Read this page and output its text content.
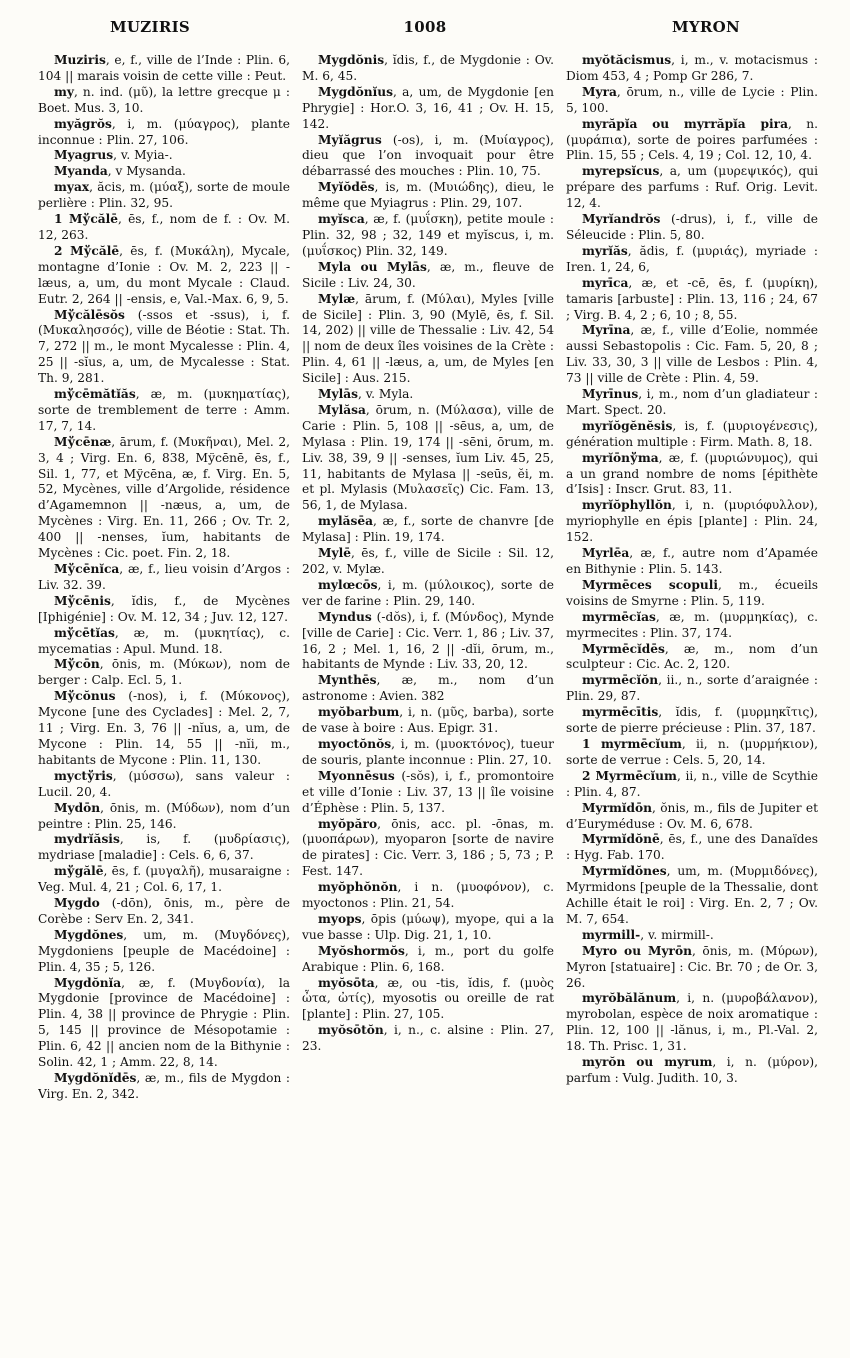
MUZIRIS	1008	MYRON

Muziris, e, f., ville de l’Inde : Plin. 6, 104 || marais voisin de cette ville : Peut.

my, n. ind. (μῦ), la lettre grecque μ : Boet. Mus. 3, 10.

myăgrŏs, i, m. (μύαγρος), plante inconnue : Plin. 27, 106.

Myagrus, v. Myia-.

Myanda, v Mysanda.

myax, ăcis, m. (μύαξ), sorte de moule perlière : Plin. 32, 95.

1 Mўcălē, ēs, f., nom de f. : Ov. M. 12, 263.

2 Mўcălē, ēs, f. (Μυκάλη), Mycale, montagne d’Ionie : Ov. M. 2, 223 || -læus, a, um, du mont Mycale : Claud. Eutr. 2, 264 || -ensis, e, Val.-Max. 6, 9, 5.

Mўcălēsŏs (-ssos et -ssus), i, f. (Μυκαλησσός), ville de Béotie : Stat. Th. 7, 272 || m., le mont Mycalesse : Plin. 4, 25 || -sĭus, a, um, de Mycalesse : Stat. Th. 9, 281.

mўcēmătĭăs, æ, m. (μυκηματίας), sorte de tremblement de terre : Amm. 17, 7, 14.

Mўcēnæ, ārum, f. (Μυκῆναι), Mel. 2, 3, 4 ; Virg. En. 6, 838, Mўcēnē, ēs, f., Sil. 1, 77, et Mўcēna, æ, f. Virg. En. 5, 52, Mycènes, ville d’Argolide, résidence d’Agamemnon || -næus, a, um, de Mycènes : Virg. En. 11, 266 ; Ov. Tr. 2, 400 || -nenses, ĭum, habitants de Mycènes : Cic. poet. Fin. 2, 18.

Mўcēnĭca, æ, f., lieu voisin d’Argos : Liv. 32. 39.

Mўcēnis, ĭdis, f., de Mycènes [Iphigénie] : Ov. M. 12, 34 ; Juv. 12, 127.

mўcētĭas, æ, m. (μυκητίας), c. mycematias : Apul. Mund. 18.

Mўcōn, ōnis, m. (Μύκων), nom de berger : Calp. Ecl. 5, 1.

Mўcŏnus (-nos), i, f. (Μύκονος), Mycone [une des Cyclades] : Mel. 2, 7, 11 ; Virg. En. 3, 76 || -nĭus, a, um, de Mycone : Plin. 14, 55 || -nĭi, m., habitants de Mycone : Plin. 11, 130.

myctўris, (μύσσω), sans valeur : Lucil. 20, 4.

Mydōn, ōnis, m. (Μύδων), nom d’un peintre : Plin. 25, 146.

mydrĭăsis, is, f. (μυδρίασις), mydriase [maladie] : Cels. 6, 6, 37.

mўgălē, ēs, f. (μυγαλῆ), musaraigne : Veg. Mul. 4, 21 ; Col. 6, 17, 1.

Mygdo (-dōn), ōnis, m., père de Corèbe : Serv En. 2, 341.

Mygdŏnes, um, m. (Μυγδόνες), Mygdoniens [peuple de Macédoine] : Plin. 4, 35 ; 5, 126.

Mygdŏnĭa, æ, f. (Μυγδονία), la Mygdonie [province de Macédoine] : Plin. 4, 38 || province de Phrygie : Plin. 5, 145 || province de Mésopotamie : Plin. 6, 42 || ancien nom de la Bithynie : Solin. 42, 1 ; Amm. 22, 8, 14.

Mygdŏnĭdēs, æ, m., fils de Mygdon : Virg. En. 2, 342.

Mygdŏnis, ĭdis, f., de Mygdonie : Ov. M. 6, 45.

Mygdŏnĭus, a, um, de Mygdonie [en Phrygie] : Hor.O. 3, 16, 41 ; Ov. H. 15, 142.

Myĭăgrus (-os), i, m. (Μυίαγρος), dieu que l’on invoquait pour être débarrassé des mouches : Plin. 10, 75.

Myĭŏdēs, is, m. (Μυιώδης), dieu, le même que Myiagrus : Plin. 29, 107.

myĭsca, æ, f. (μυΐσκη), petite moule : Plin. 32, 98 ; 32, 149 et myĭscus, i, m. (μυΐσκος) Plin. 32, 149.

Myla ou Mylās, æ, m., fleuve de Sicile : Liv. 24, 30.

Mylæ, ārum, f. (Μύλαι), Myles [ville de Sicile] : Plin. 3, 90 (Mylē, ēs, f. Sil. 14, 202) || ville de Thessalie : Liv. 42, 54 || nom de deux îles voisines de la Crète : Plin. 4, 61 || -læus, a, um, de Myles [en Sicile] : Aus. 215.

Mylās, v. Myla.

Mylăsa, ōrum, n. (Μύλασα), ville de Carie : Plin. 5, 108 || -sēus, a, um, de Mylasa : Plin. 19, 174 || -sēni, ōrum, m. Liv. 38, 39, 9 || -senses, ĭum Liv. 45, 25, 11, habitants de Mylasa || -seūs, ĕi, m. et pl. Mylasis (Μυλασεῖς) Cic. Fam. 13, 56, 1, de Mylasa.

mylăsēa, æ, f., sorte de chanvre [de Mylasa] : Plin. 19, 174.

Mylē, ēs, f., ville de Sicile : Sil. 12, 202, v. Mylæ.

mylœcōs, i, m. (μύλοικος), sorte de ver de farine : Plin. 29, 140.

Myndus (-dŏs), i, f. (Μύνδος), Mynde [ville de Carie] : Cic. Verr. 1, 86 ; Liv. 37, 16, 2 ; Mel. 1, 16, 2 || -dĭi, ōrum, m., habitants de Mynde : Liv. 33, 20, 12.

Mynthēs, æ, m., nom d’un astronome : Avien. 382

myŏbarbum, i, n. (μῦς, barba), sorte de vase à boire : Aus. Epigr. 31.

myoctŏnŏs, i, m. (μυοκτόνος), tueur de souris, plante inconnue : Plin. 27, 10.

Myonnēsus (-sŏs), i, f., promontoire et ville d’Ionie : Liv. 37, 13 || île voisine d’Éphèse : Plin. 5, 137.

myŏpăro, ōnis, acc. pl. -ōnas, m. (μυοπάρων), myoparon [sorte de navire de pirates] : Cic. Verr. 3, 186 ; 5, 73 ; P. Fest. 147.

myŏphŏnŏn, i n. (μυοφόνον), c. myoctonos : Plin. 21, 54.

myops, ōpis (μύωψ), myope, qui a la vue basse : Ulp. Dig. 21, 1, 10.

Myŏshormŏs, i, m., port du golfe Arabique : Plin. 6, 168.

myŏsōta, æ, ou -tis, ĭdis, f. (μυὸς ὦτα, ὠτίς), myosotis ou oreille de rat [plante] : Plin. 27, 105.

myŏsōtŏn, i, n., c. alsine : Plin. 27, 23.

myŏtăcismus, i, m., v. motacismus : Diom 453, 4 ; Pomp Gr 286, 7.

Myra, ōrum, n., ville de Lycie : Plin. 5, 100.

myrăpĭa ou myrrăpĭa pira, n. (μυράπια), sorte de poires parfumées : Plin. 15, 55 ; Cels. 4, 19 ; Col. 12, 10, 4.

myrepsĭcus, a, um (μυρεψικός), qui prépare des parfums : Ruf. Orig. Levit. 12, 4.

Myrĭandrŏs (-drus), i, f., ville de Séleucide : Plin. 5, 80.

myrĭăs, ădis, f. (μυριάς), myriade : Iren. 1, 24, 6,

myrīca, æ, et -cē, ēs, f. (μυρίκη), tamaris [arbuste] : Plin. 13, 116 ; 24, 67 ; Virg. B. 4, 2 ; 6, 10 ; 8, 55.

Myrīna, æ, f., ville d’Eolie, nommée aussi Sebastopolis : Cic. Fam. 5, 20, 8 ; Liv. 33, 30, 3 || ville de Lesbos : Plin. 4, 73 || ville de Crète : Plin. 4, 59.

Myrīnus, i, m., nom d’un gladiateur : Mart. Spect. 20.

myrĭŏgĕnĕsis, is, f. (μυριογένεσις), génération multiple : Firm. Math. 8, 18.

myrĭōnўma, æ, f. (μυριώνυμος), qui a un grand nombre de noms [épithète d’Isis] : Inscr. Grut. 83, 11.

myrĭŏphyllŏn, i, n. (μυριόφυλλον), myriophylle en épis [plante] : Plin. 24, 152.

Myrlēa, æ, f., autre nom d’Apamée en Bithynie : Plin. 5. 143.

Myrmēces scopuli, m., écueils voisins de Smyrne : Plin. 5, 119.

myrmēcĭas, æ, m. (μυρμηκίας), c. myrmecites : Plin. 37, 174.

Myrmēcĭdēs, æ, m., nom d’un sculpteur : Cic. Ac. 2, 120.

myrmēcĭŏn, ii., n., sorte d’araignée : Plin. 29, 87.

myrmēcītis, ĭdis, f. (μυρμηκῖτις), sorte de pierre précieuse : Plin. 37, 187.

1 myrmēcĭum, ii, n. (μυρμήκιον), sorte de verrue : Cels. 5, 20, 14.

2 Myrmēcĭum, ii, n., ville de Scythie : Plin. 4, 87.

Myrmĭdōn, ŏnis, m., fils de Jupiter et d’Euryméduse : Ov. M. 6, 678.

Myrmĭdŏnē, ēs, f., une des Danaïdes : Hyg. Fab. 170.

Myrmĭdŏnes, um, m. (Μυρμιδόνες), Myrmidons [peuple de la Thessalie, dont Achille était le roi] : Virg. En. 2, 7 ; Ov. M. 7, 654.

myrmill-, v. mirmill-.

Myro ou Myrōn, ōnis, m. (Μύρων), Myron [statuaire] : Cic. Br. 70 ; de Or. 3, 26.

myrŏbălănum, i, n. (μυροβάλανον), myrobolan, espèce de noix aromatique : Plin. 12, 100 || -lănus, i, m., Pl.-Val. 2, 18. Th. Prisc. 1, 31.

myrŏn ou myrum, i, n. (μύρον), parfum : Vulg. Judith. 10, 3.
